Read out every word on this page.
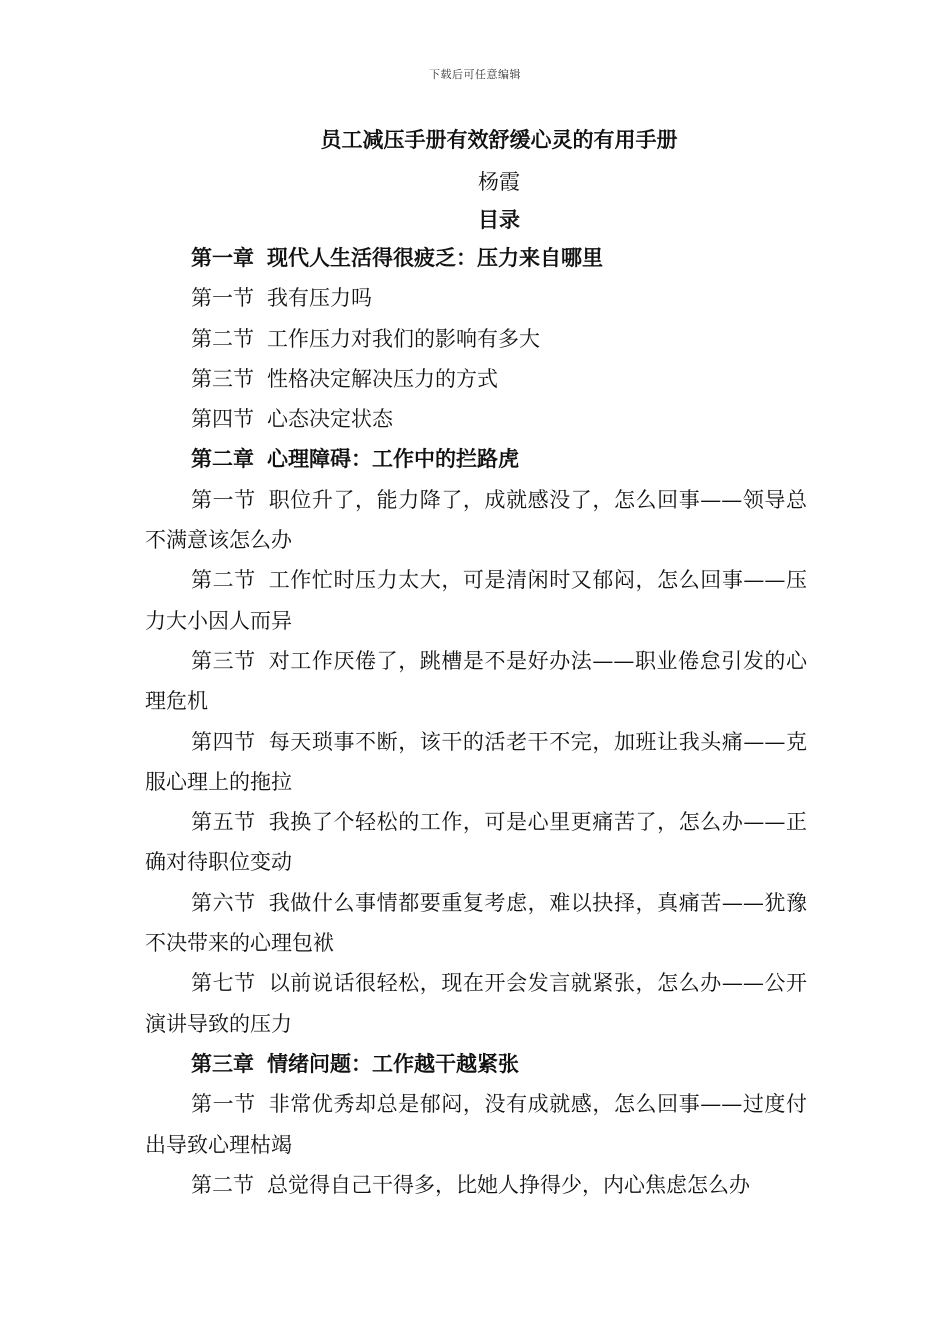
下载后可任意编辑
员工减压手册有效舒缓心灵的有用手册
杨霞
目录
第一章 现代人生活得很疲乏：压力来自哪里
第一节 我有压力吗
第二节 工作压力对我们的影响有多大
第三节 性格决定解决压力的方式
第四节 心态决定状态
第二章 心理障碍：工作中的拦路虎
第一节 职位升了，能力降了，成就感没了，怎么回事——领导总不满意该怎么办
第二节 工作忙时压力太大，可是清闲时又郁闷，怎么回事——压力大小因人而异
第三节 对工作厌倦了，跳槽是不是好办法——职业倦怠引发的心理危机
第四节 每天琐事不断，该干的活老干不完，加班让我头痛——克服心理上的拖拉
第五节 我换了个轻松的工作，可是心里更痛苦了，怎么办——正确对待职位变动
第六节 我做什么事情都要重复考虑，难以抉择，真痛苦——犹豫不决带来的心理包袱
第七节 以前说话很轻松，现在开会发言就紧张，怎么办——公开演讲导致的压力
第三章 情绪问题：工作越干越紧张
第一节 非常优秀却总是郁闷，没有成就感，怎么回事——过度付出导致心理枯竭
第二节 总觉得自己干得多，比她人挣得少，内心焦虑怎么办
